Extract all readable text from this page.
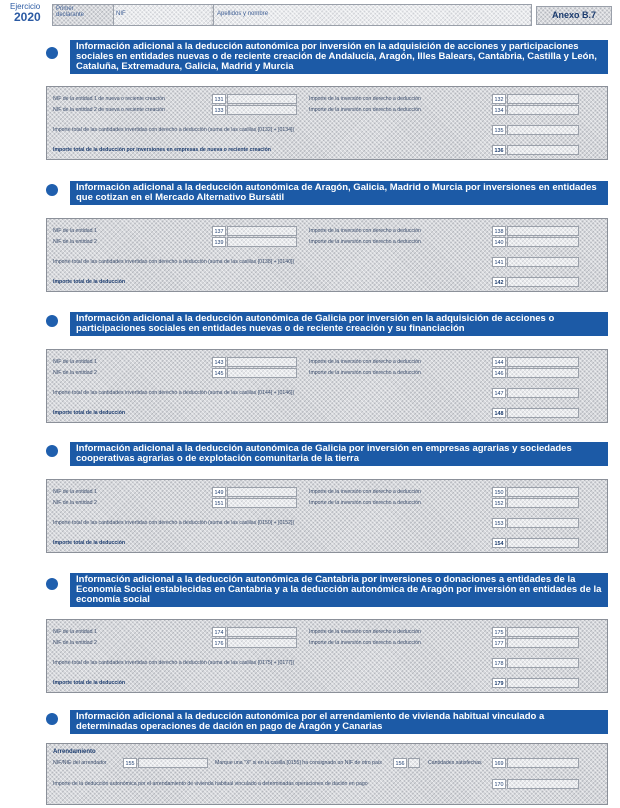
Ejercicio
2020
Primer declarante	NIF	Apellidos y nombre	Anexo B.7
Información adicional a la deducción autonómica por inversión en la adquisición de acciones y participaciones sociales en entidades nuevas o de reciente creación de Andalucía, Aragón, Illes Balears, Cantabria, Castilla y León, Cataluña, Extremadura, Galicia, Madrid y Murcia
NIF de la entidad 1 de nueva o reciente creación	131	Importe de la inversión con derecho a deducción	132
NIF de la entidad 2 de nueva o reciente creación	133	Importe de la inversión con derecho a deducción	134
Importe total de las cantidades invertidas con derecho a deducción (suma de las casillas [0132] + [0134])	135
Importe total de la deducción por inversiones en empresas de nueva o reciente creación	136
Información adicional a la deducción autonómica de Aragón, Galicia, Madrid o Murcia por inversiones en entidades que cotizan en el Mercado Alternativo Bursátil
NIF de la entidad 1	137	Importe de la inversión con derecho a deducción	138
NIF de la entidad 2	139	Importe de la inversión con derecho a deducción	140
Importe total de las cantidades invertidas con derecho a deducción (suma de las casillas [0138] + [0140])	141
Importe total de la deducción	142
Información adicional a la deducción autonómica de Galicia por inversión en la adquisición de acciones o participaciones sociales en entidades nuevas o de reciente creación y su financiación
NIF de la entidad 1	143	Importe de la inversión con derecho a deducción	144
NIF de la entidad 2	145	Importe de la inversión con derecho a deducción	146
Importe total de las cantidades invertidas con derecho a deducción (suma de las casillas [0144] + [0146])	147
Importe total de la deducción	148
Información adicional a la deducción autonómica de Galicia por inversión en empresas agrarias y sociedades cooperativas agrarias o de explotación comunitaria de la tierra
NIF de la entidad 1	149	Importe de la inversión con derecho a deducción	150
NIF de la entidad 2	151	Importe de la inversión con derecho a deducción	152
Importe total de las cantidades invertidas con derecho a deducción (suma de las casillas [0150] + [0152])	153
Importe total de la deducción	154
Información adicional a la deducción autonómica de Cantabria por inversiones o donaciones a entidades de la Economía Social establecidas en Cantabria y a la deducción autonómica de Aragón por inversión en entidades de la economía social
NIF de la entidad 1	174	Importe de la inversión con derecho a deducción	175
NIF de la entidad 2	176	Importe de la inversión con derecho a deducción	177
Importe total de las cantidades invertidas con derecho a deducción (suma de las casillas [0175] + [0177])	178
Importe total de la deducción	179
Información adicional a la deducción autonómica por el arrendamiento de vivienda habitual vinculado a determinadas operaciones de dación en pago de Aragón y Canarias
Arrendamiento
NIF/NIE del arrendador	155	Marque una "X" si en la casilla [0155] ha consignado un NIF de otro país	156	Cantidades satisfechas	169
Importe de la deducción autonómica por el arrendamiento de vivienda habitual vinculado a determinadas operaciones de dación en pago	170
